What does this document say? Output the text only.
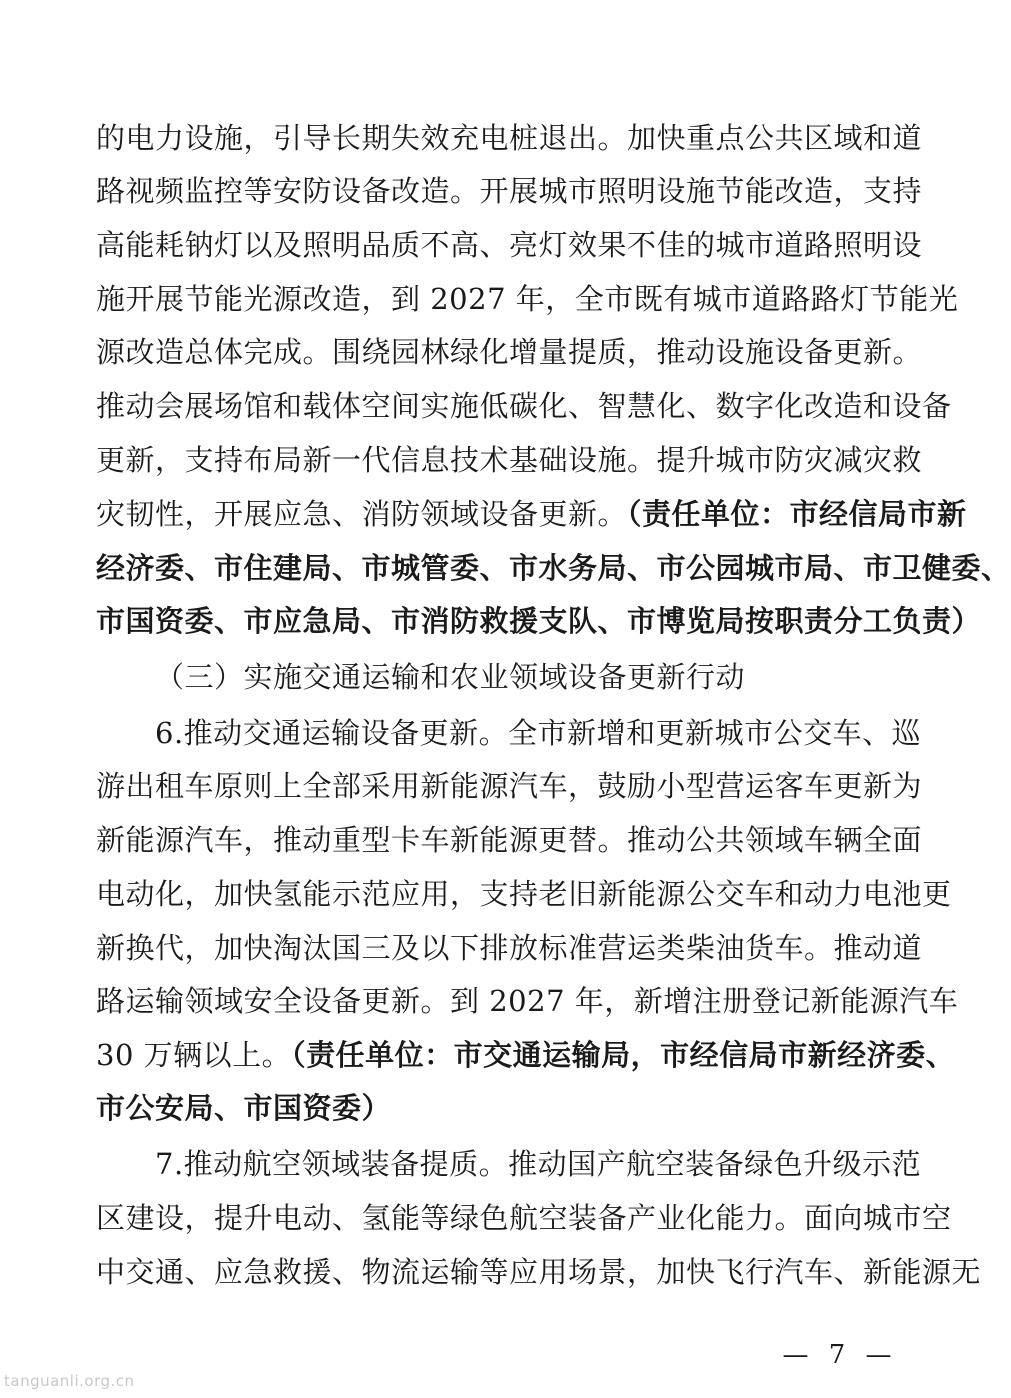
的电力设施，引导长期失效充电桩退出。加快重点公共区域和道
路视频监控等安防设备改造。开展城市照明设施节能改造，支持
高能耗钠灯以及照明品质不高、亮灯效果不佳的城市道路照明设
施开展节能光源改造，到 2027 年，全市既有城市道路路灯节能光
源改造总体完成。围绕园林绿化增量提质，推动设施设备更新。
推动会展场馆和载体空间实施低碳化、智慧化、数字化改造和设备
更新，支持布局新一代信息技术基础设施。提升城市防灾减灾救
灾韧性，开展应急、消防领域设备更新。（责任单位：市经信局市新
经济委、市住建局、市城管委、市水务局、市公园城市局、市卫健委、
市国资委、市应急局、市消防救援支队、市博览局按职责分工负责）
（三）实施交通运输和农业领域设备更新行动
6.推动交通运输设备更新。全市新增和更新城市公交车、巡
游出租车原则上全部采用新能源汽车，鼓励小型营运客车更新为
新能源汽车，推动重型卡车新能源更替。推动公共领域车辆全面
电动化，加快氢能示范应用，支持老旧新能源公交车和动力电池更
新换代，加快淘汰国三及以下排放标准营运类柴油货车。推动道
路运输领域安全设备更新。到 2027 年，新增注册登记新能源汽车
30 万辆以上。（责任单位：市交通运输局，市经信局市新经济委、
市公安局、市国资委）
7.推动航空领域装备提质。推动国产航空装备绿色升级示范
区建设，提升电动、氢能等绿色航空装备产业化能力。面向城市空
中交通、应急救援、物流运输等应用场景，加快飞行汽车、新能源无
— 7 —
tanguanli.org.cn
